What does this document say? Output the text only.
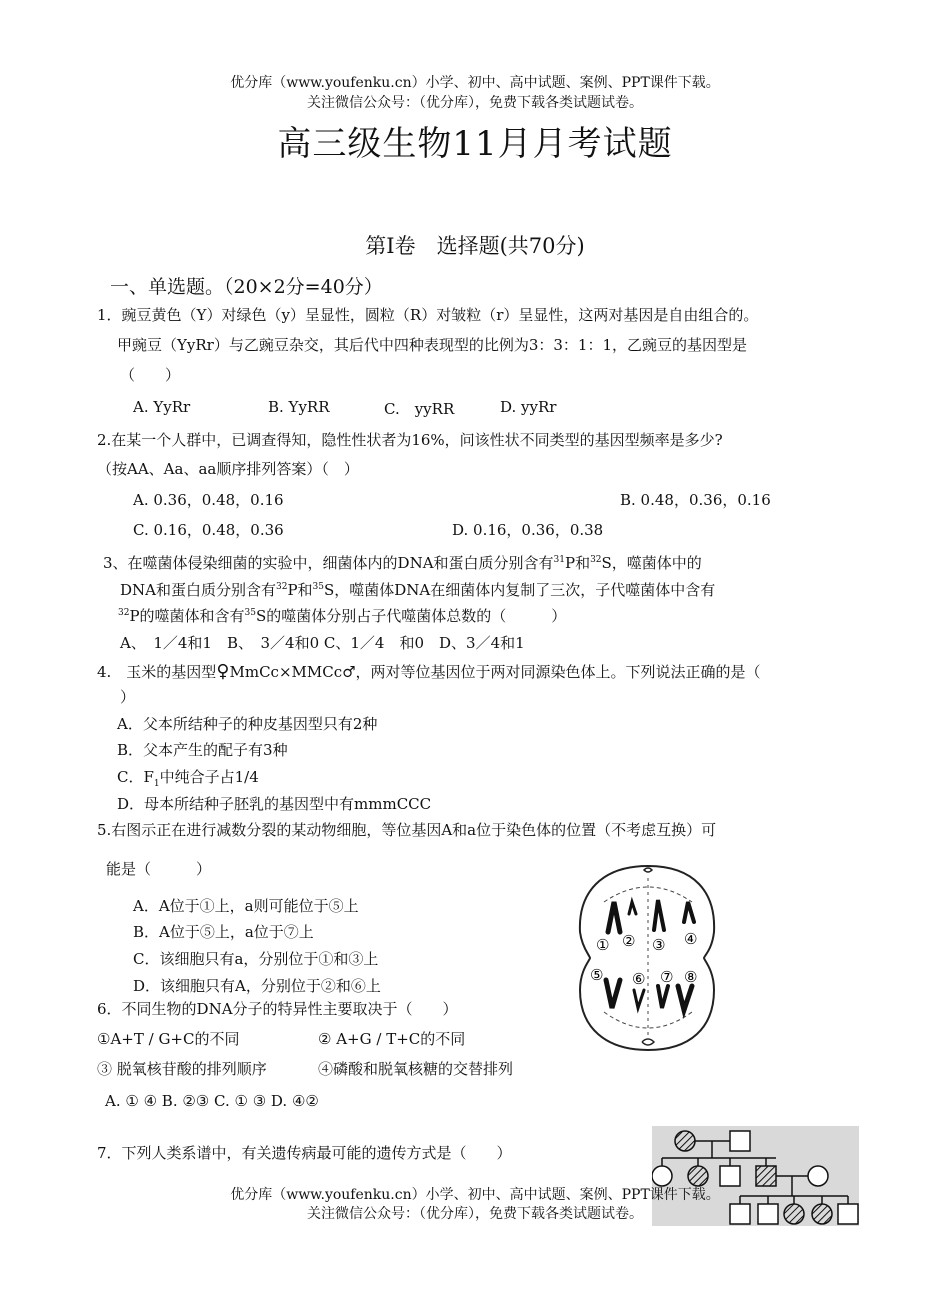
优分库（www.youfenku.cn）小学、初中、高中试题、案例、PPT课件下载。
关注微信公众号：（优分库），免费下载各类试题试卷。
高三级生物11月月考试题
第Ⅰ卷　选择题(共70分)
一、单选题。（20×2分=40分）
1．豌豆黄色（Y）对绿色（y）呈显性，圆粒（R）对皱粒（r）呈显性，这两对基因是自由组合的。
甲豌豆（YyRr）与乙豌豆杂交，其后代中四种表现型的比例为3：3：1：1，乙豌豆的基因型是
（　　）
A. YyRr	B. YyRR	C.　yyRR	D. yyRr
2.在某一个人群中，已调查得知，隐性性状者为16%，问该性状不同类型的基因型频率是多少?
（按AA、Aa、aa顺序排列答案）（　）
A. 0.36，0.48，0.16	B. 0.48，0.36，0.16
C. 0.16，0.48，0.36	D. 0.16，0.36，0.38
3、在噬菌体侵染细菌的实验中，细菌体内的DNA和蛋白质分别含有$^{31}$P和$^{32}$S，噬菌体中的
DNA和蛋白质分别含有$^{32}$P和$^{35}$S，噬菌体DNA在细菌体内复制了三次，子代噬菌体中含有
$^{32}$P的噬菌体和含有$^{35}$S的噬菌体分别占子代噬菌体总数的（　　　）
A、　1／4和1　B、　3／4和0 C、1／4　和0　D、3／4和1
4.　玉米的基因型♀MmCc×MMCc♂，两对等位基因位于两对同源染色体上。下列说法正确的是（
）
A．父本所结种子的种皮基因型只有2种
B．父本产生的配子有3种
C．$F_1$中纯合子占1/4
D．母本所结种子胚乳的基因型中有mmmCCC
5.右图示正在进行减数分裂的某动物细胞，等位基因A和a位于染色体的位置（不考虑互换）可
能是（　　　）
A．A位于①上，a则可能位于⑤上
B．A位于⑤上，a位于⑦上
C．该细胞只有a，分别位于①和③上
D．该细胞只有A，分别位于②和⑥上
① ② ③ ④
⑤ ⑥ ⑦ ⑧
6．不同生物的DNA分子的特异性主要取决于（　　）
①A+T / G+C的不同	② A+G / T+C的不同
③ 脱氧核苷酸的排列顺序	④磷酸和脱氧核糖的交替排列
A. ① ④ B. ②③ C. ① ③ D. ④②
7．下列人类系谱中，有关遗传病最可能的遗传方式是（　　）
优分库（www.youfenku.cn）小学、初中、高中试题、案例、PPT课件下载。
关注微信公众号：（优分库），免费下载各类试题试卷。
